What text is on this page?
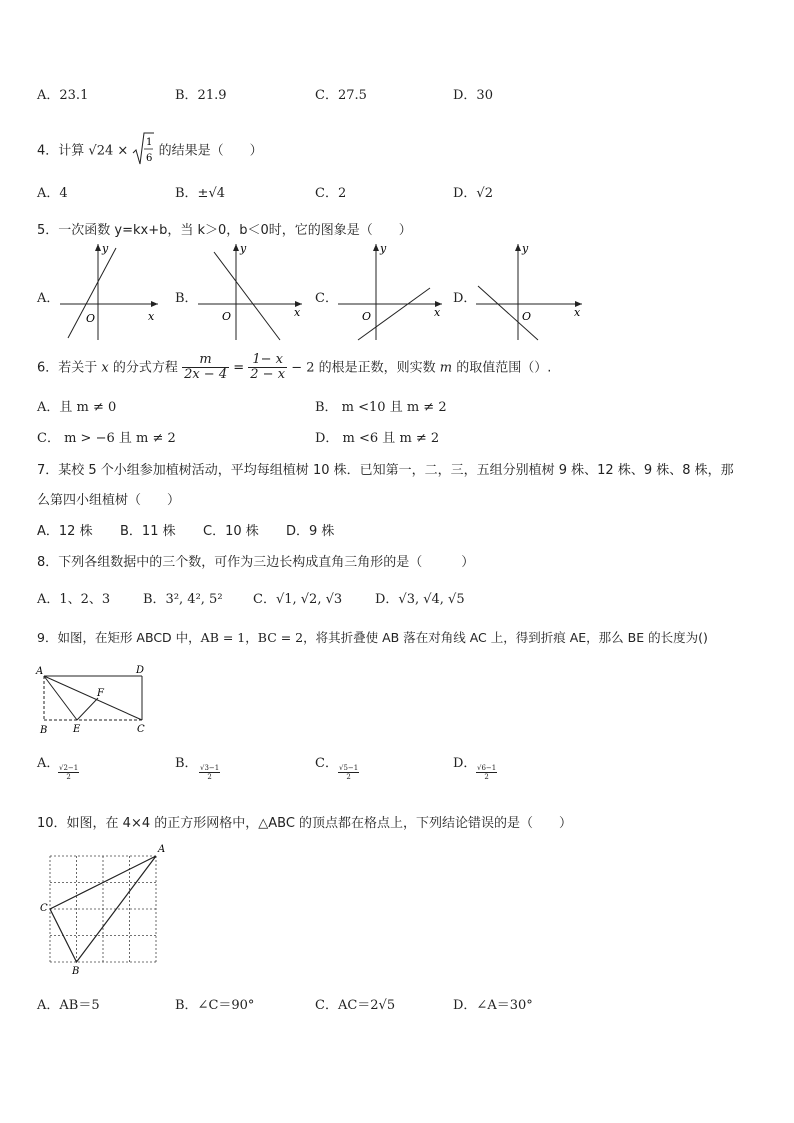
A．23.1	B．21.9	C．27.5	D．30
4．计算 √24 ×
1
6 的结果是（　　）
A．4	B．±√4	C．2	D．√2
5．一次函数 y=kx+b，当 k＞0，b＜0时，它的图象是（　　）
A．
y
x
O
B．
y
x
O
C．
y
x
O
D．
y
x
O
6．若关于 x 的分式方程 $\frac{m}{2x - 4} = \frac{1- x}{2 - x} - 2$ 的根是正数，则实数 m 的取值范围（）.
A．且 m ≠ 0	B． m <10 且 m ≠ 2
C． m > −6 且 m ≠ 2	D． m <6 且 m ≠ 2
7．某校 5 个小组参加植树活动，平均每组植树 10 株．已知第一，二，三，五组分别植树 9 株、12 株、9 株、8 株，那
么第四小组植树（　　）
A．12 株 B．11 株 C．10 株 D．9 株
8．下列各组数据中的三个数，可作为三边长构成直角三角形的是（　　　）
A．1、2、3	B．3², 4², 5² C．√1, √2, √3	D．√3, √4, √5
9．如图，在矩形 ABCD 中，AB = 1，BC = 2，将其折叠使 AB 落在对角线 AC 上，得到折痕 AE，那么 BE 的长度为()
A	D
B	C
E
F
A．
$\frac{√2-1}{2}$
B．
$\frac{√3-1}{2}$
C．
$\frac{√5-1}{2}$
D．
$\frac{√6-1}{2}$
10．如图，在 4×4 的正方形网格中，△ABC 的顶点都在格点上，下列结论错误的是（　　）
A
C
B
A．AB＝5	B．∠C＝90°	C．AC＝2√5	D．∠A＝30°
